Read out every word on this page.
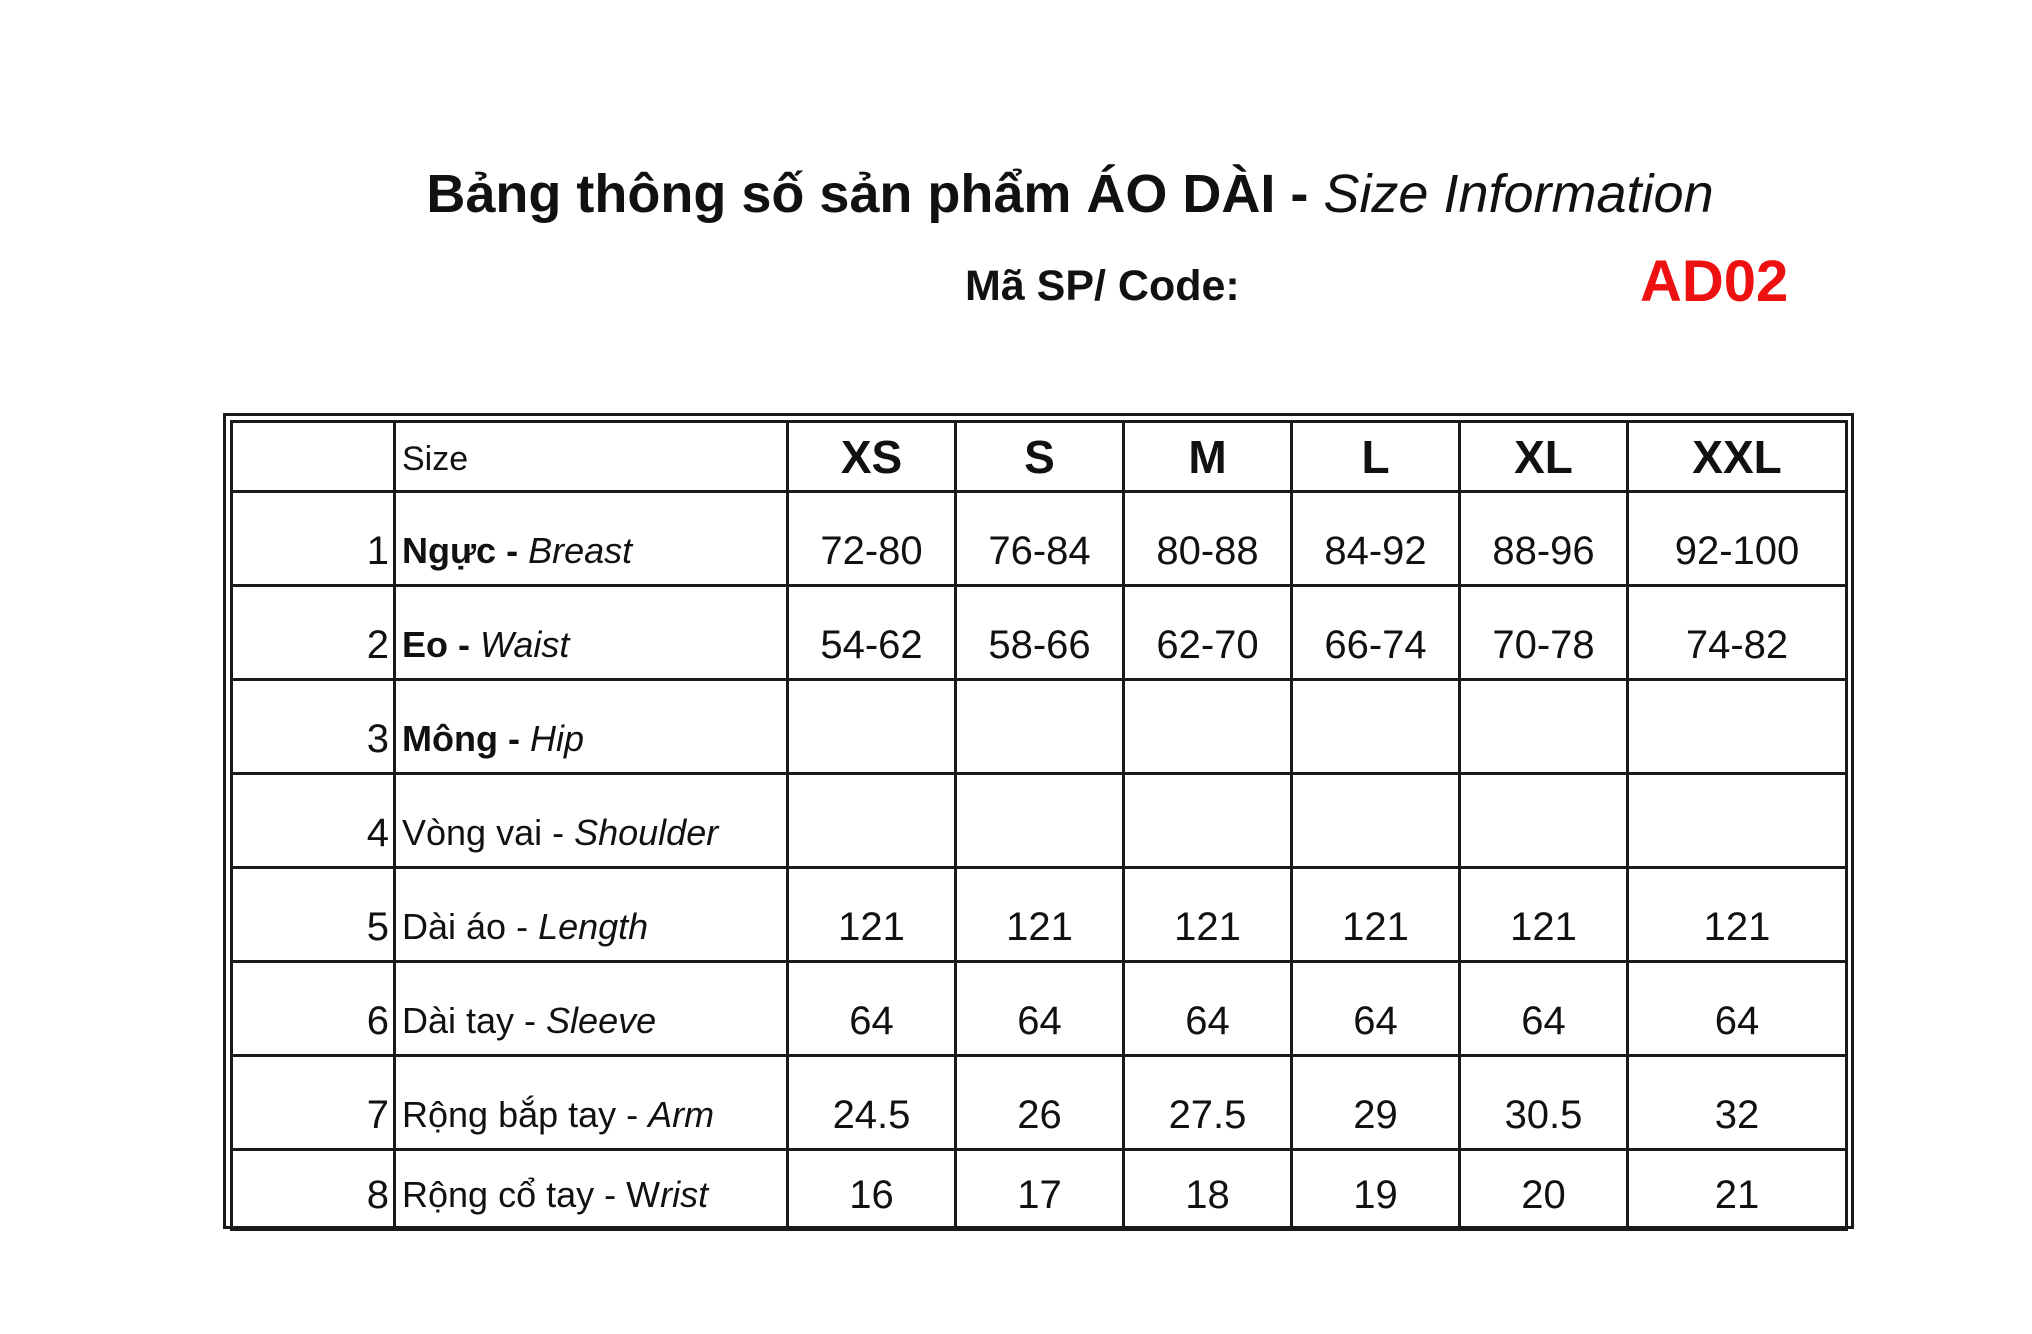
Bảng thông số sản phẩm ÁO DÀI - Size Information
Mã SP/ Code:	AD02
	Size	XS	S	M	L	XL	XXL
1	Ngực - Breast	72-80	76-84	80-88	84-92	88-96	92-100
2	Eo - Waist	54-62	58-66	62-70	66-74	70-78	74-82
3	Mông - Hip						
4	Vòng vai - Shoulder						
5	Dài áo - Length	121	121	121	121	121	121
6	Dài tay - Sleeve	64	64	64	64	64	64
7	Rộng bắp tay - Arm	24.5	26	27.5	29	30.5	32
8	Rộng cổ tay - Wrist	16	17	18	19	20	21
